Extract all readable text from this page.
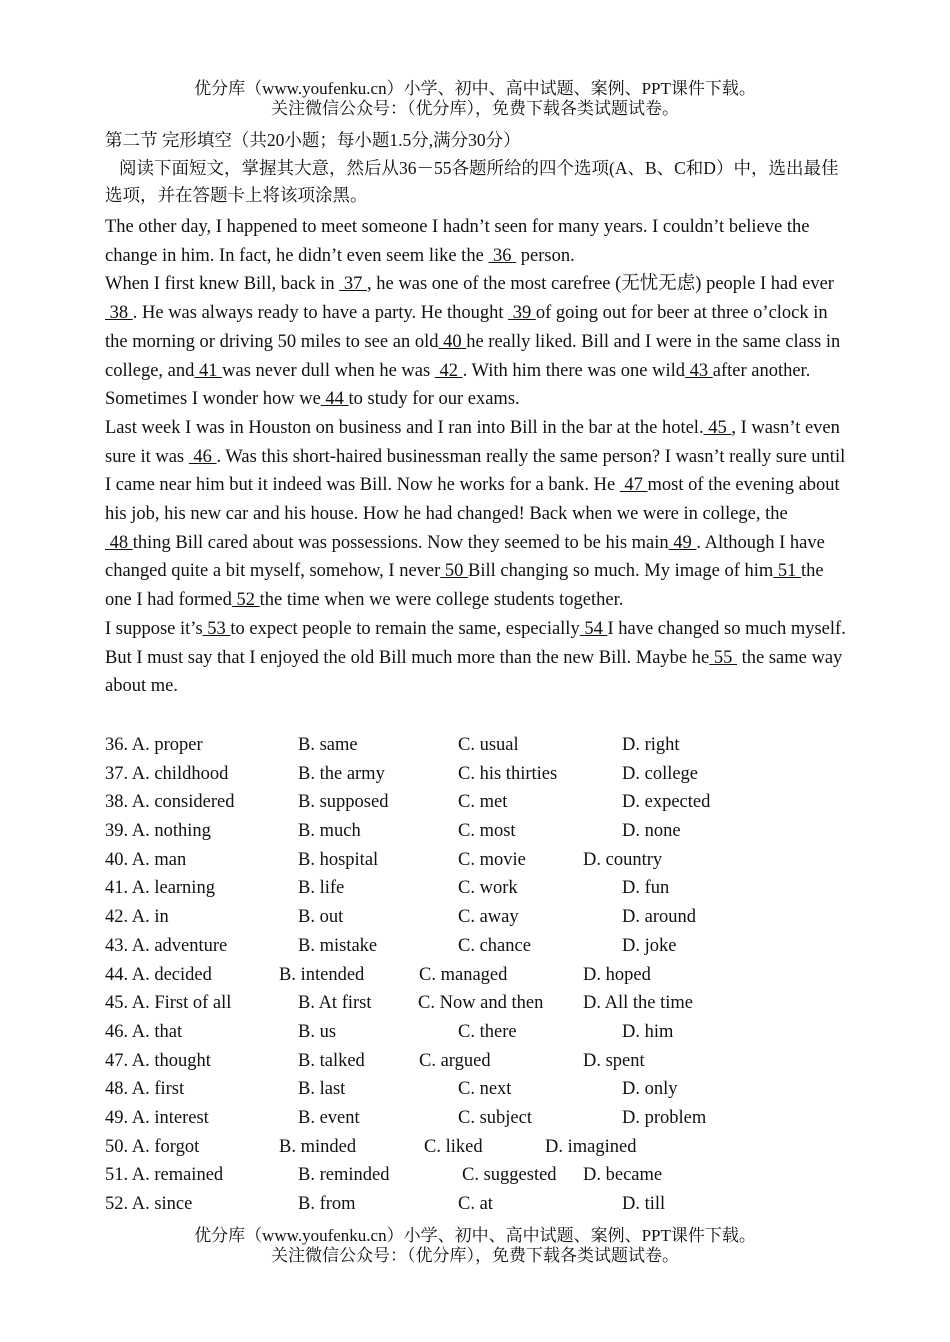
优分库（www.youfenku.cn）小学、初中、高中试题、案例、PPT课件下载。
关注微信公众号：（优分库），免费下载各类试题试卷。
第二节 完形填空（共20小题；每小题1.5分,满分30分）
阅读下面短文，掌握其大意，然后从36－55各题所给的四个选项(A、B、C和D）中，选出最佳选项，并在答题卡上将该项涂黑。

The other day, I happened to meet someone I hadn’t seen for many years. I couldn’t believe the change in him. In fact, he didn’t even seem like the  36  person.

When I first knew Bill, back in  37 , he was one of the most carefree (无忧无虑) people I had ever  38 . He was always ready to have a party. He thought  39 of going out for beer at three o’clock in the morning or driving 50 miles to see an old 40 he really liked. Bill and I were in the same class in college, and 41 was never dull when he was  42 . With him there was one wild 43 after another. Sometimes I wonder how we 44 to study for our exams.

Last week I was in Houston on business and I ran into Bill in the bar at the hotel. 45 , I wasn’t even sure it was  46 . Was this short-haired businessman really the same person? I wasn’t really sure until I came near him but it indeed was Bill. Now he works for a bank. He  47 most of the evening about his job, his new car and his house. How he had changed! Back when we were in college, the 48 thing Bill cared about was possessions. Now they seemed to be his main 49 . Although I have changed quite a bit myself, somehow, I never 50 Bill changing so much. My image of him 51 the one I had formed 52 the time when we were college students together.

I suppose it’s 53 to expect people to remain the same, especially 54 I have changed so much myself. But I must say that I enjoyed the old Bill much more than the new Bill. Maybe he 55  the same way about me.

36. A. proper	B. same	C. usual	D. right
37. A. childhood	B. the army	C. his thirties	D. college
38. A. considered	B. supposed	C. met	D. expected
39. A. nothing	B. much	C. most	D. none
40. A. man	B. hospital	C. movie	D. country
41. A. learning	B. life	C. work	D. fun
42. A. in	B. out	C. away	D. around
43. A. adventure	B. mistake	C. chance	D. joke
44. A. decided	B. intended	C. managed	D. hoped
45. A. First of all	B. At first	C. Now and then D. All the time
46. A. that	B. us	C. there	D. him
47. A. thought	B. talked	C. argued	D. spent
48. A. first	B. last	C. next	D. only
49. A. interest	B. event	C. subject	D. problem
50. A. forgot	B. minded	C. liked	D. imagined
51. A. remained	B. reminded	C. suggested D. became
52. A. since	B. from	C. at	D. till
优分库（www.youfenku.cn）小学、初中、高中试题、案例、PPT课件下载。
关注微信公众号：（优分库），免费下载各类试题试卷。
